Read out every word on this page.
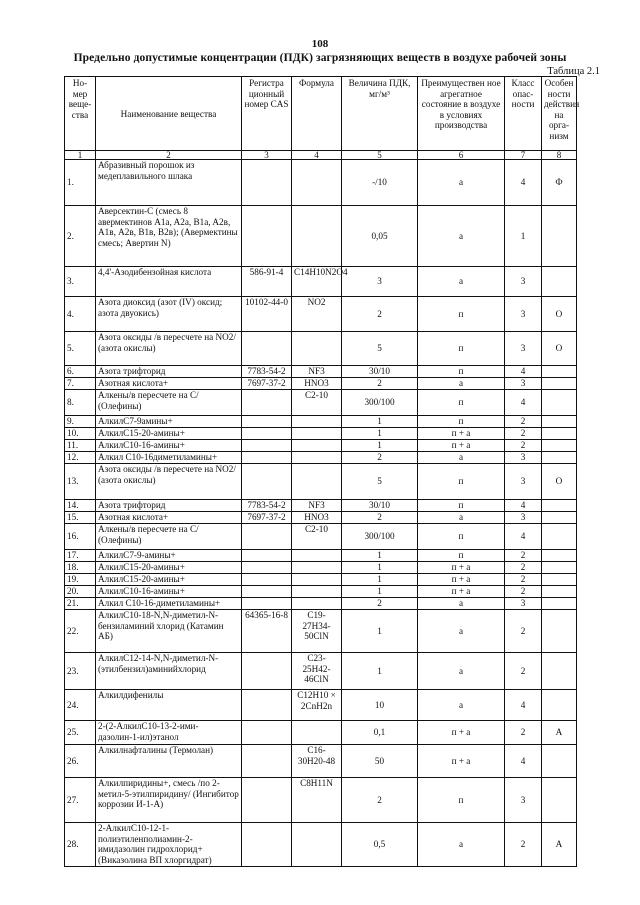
108
Предельно допустимые концентрации (ПДК) загрязняющих веществ в воздухе рабочей зоны
Таблица 2.1
Но-мер веще-ства	Наименование вещества	Регистра ционный номер CAS	Формула	Величина ПДК, мг/м³	Преимуществен ное агрегатное состояние в воздухе в условиях производства	Класс опас-ности	Особен ности действия на орга-низм
1	2	3	4	5	6	7	8
1.	Абразивный порошок из медеплавильного шлака			-/10	а	4	Ф
2.	Аверсектин-С (смесь 8 авермектинов A1a, A2a, B1a, A2в, A1в, A2в, B1в, B2в); (Авермектины смесь; Авертин N)			0,05	а	1	
3.	4,4'-Азодибензойная кислота	586-91-4	C14H10N2O4	3	а	3	
4.	Азота диоксид (азот (IV) оксид; азота двуокись)	10102-44-0	NO2	2	п	3	О
5.	Азота оксиды /в пересчете на NO2/ (азота окислы)			5	п	3	О
6.	Азота трифторид	7783-54-2	NF3	30/10	п	4	
7.	Азотная кислота+	7697-37-2	HNO3	2	а	3	
8.	Алкены/в пересчете на С/ (Олефины)		C2-10	300/100	п	4	
9.	АлкилС7-9амины+			1	п	2	
10.	АлкилС15-20-амины+			1	п + а	2	
11.	АлкилС10-16-амины+			1	п + а	2	
12.	Алкил С10-16диметиламины+			2	а	3	
13.	Азота оксиды /в пересчете на NO2/ (азота окислы)			5	п	3	О
14.	Азота трифторид	7783-54-2	NF3	30/10	п	4	
15.	Азотная кислота+	7697-37-2	HNO3	2	а	3	
16.	Алкены/в пересчете на С/ (Олефины)		C2-10	300/100	п	4	
17.	АлкилС7-9-амины+			1	п	2	
18.	АлкилС15-20-амины+			1	п + а	2	
19.	АлкилС15-20-амины+			1	п + а	2	
20.	АлкилС10-16-амины+			1	п + а	2	
21.	Алкил С10-16-диметиламины+			2	а	3	
22.	АлкилС10-18-N,N-диметил-N-бензиламиний хлорид (Катамин АБ)	64365-16-8	C19-27H34-50ClN	1	а	2	
23.	АлкилС12-14-N,N-диметил-N-(этилбензил)аминийхлорид		C23-25H42-46ClN	1	а	2	
24.	Алкилдифенилы		C12H10 × 2CnH2n	10	а	4	
25.	2-(2-АлкилС10-13-2-ими-дазолин-1-ил)этанол			0,1	п + а	2	А
26.	Алкилнафталины (Термолан)		C16-30H20-48	50	п + а	4	
27.	Алкилпиридины+, смесь /по 2-метил-5-этилпиридину/ (Ингибитор коррозии И-1-А)		C8H11N	2	п	3	
28.	2-АлкилС10-12-1-полиэтиленполиамин-2-имидазолин гидрохлорид+ (Виказолина ВП хлоргидрат)			0,5	а	2	А
